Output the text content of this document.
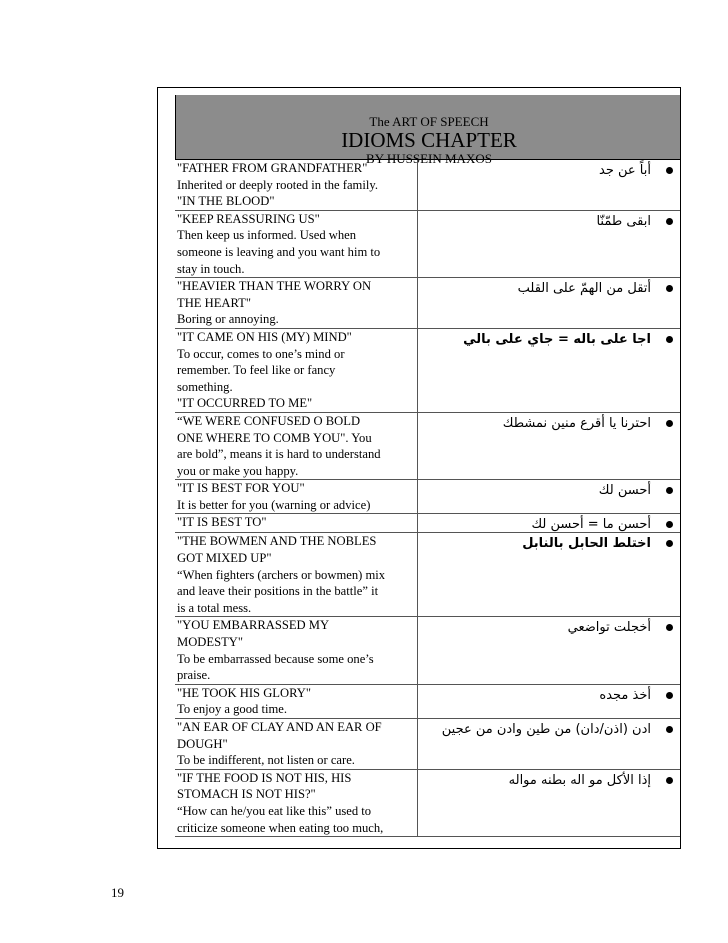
The ART OF SPEECH
IDIOMS CHAPTER
BY HUSSEIN MAXOS
"FATHER FROM GRANDFATHER"
Inherited or deeply rooted in the family.
"IN THE BLOOD"
أباً عن جد
"KEEP REASSURING US"
Then keep us informed. Used when
someone is leaving and you want him to
stay in touch.
ابقى طمّنّا
"HEAVIER THAN THE WORRY ON
THE HEART"
Boring or annoying.
أتقل من الهمّ على القلب
"IT CAME ON HIS (MY) MIND"
To occur, comes to one’s mind or
remember. To feel like or fancy
something.
"IT OCCURRED TO ME"
اجا على باله = جاي على بالي
“WE WERE CONFUSED O BOLD
ONE WHERE TO COMB YOU". You
are bold”, means it is hard to understand
you or make you happy.
احترنا يا أقرع منين نمشطك
"IT IS BEST FOR YOU"
It is better for you (warning or advice)
أحسن لك
"IT IS BEST TO"	أحسن ما = أحسن لك
"THE BOWMEN AND THE NOBLES
GOT MIXED UP"
“When fighters (archers or bowmen) mix
and leave their positions in the battle” it
is a total mess.
اختلط الحابل بالنابل
"YOU EMBARRASSED MY
MODESTY"
To be embarrassed because some one’s
praise.
أخجلت تواضعي
"HE TOOK HIS GLORY"
To enjoy a good time.
أخذ مجده
"AN EAR OF CLAY AND AN EAR OF
DOUGH"
To be indifferent, not listen or care.
ادن (اذن/دان) من طين وادن من عجين
"IF THE FOOD IS NOT HIS, HIS
STOMACH IS NOT HIS?"
“How can he/you eat like this” used to
criticize someone when eating too much,
إذا الأكل مو اله بطنه مواله
19
